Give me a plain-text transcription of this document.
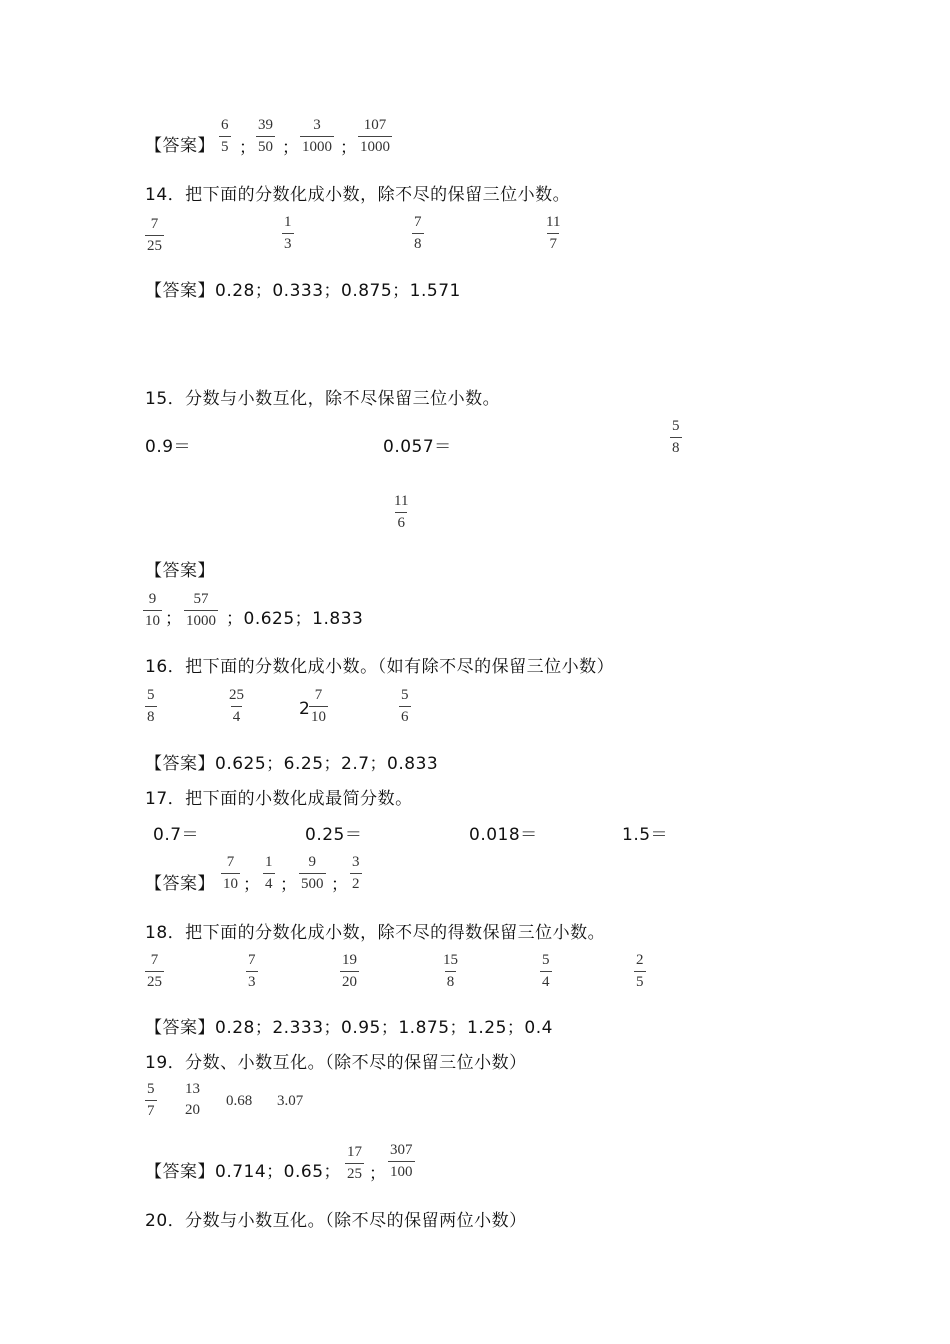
【答案】 $\frac{6}{5}$ ； $\frac{39}{50}$ ； $\frac{3}{1000}$ ； $\frac{107}{1000}$
14．把下面的分数化成小数，除不尽的保留三位小数。
$\frac{7}{25}$	$\frac{1}{3}$	$\frac{7}{8}$	$\frac{11}{7}$
【答案】0.28；0.333；0.875；1.571
15．分数与小数互化，除不尽保留三位小数。
0.9＝	0.057＝	$\frac{5}{8}$
$\frac{11}{6}$
【答案】
$\frac{9}{10}$ ； $\frac{57}{1000}$ ；0.625；1.833
16．把下面的分数化成小数。（如有除不尽的保留三位小数）
$\frac{5}{8}$	$\frac{25}{4}$	2
$\frac{7}{10}$	$\frac{5}{6}$
【答案】0.625；6.25；2.7；0.833
17．把下面的小数化成最简分数。
0.7＝	0.25＝	0.018＝	1.5＝
【答案】 $\frac{7}{10}$ ； $\frac{1}{4}$ ； $\frac{9}{500}$ ； $\frac{3}{2}$
18．把下面的分数化成小数，除不尽的得数保留三位小数。
$\frac{7}{25}$	$\frac{7}{3}$	$\frac{19}{20}$	$\frac{15}{8}$	$\frac{5}{4}$	$\frac{2}{5}$
【答案】0.28；2.333；0.95；1.875；1.25；0.4
19．分数、小数互化。（除不尽的保留三位小数）
$\frac{5}{7} 13$
20
0.68 3.07
【答案】0.714；0.65； $\frac{17}{25}$ ； $\frac{307}{100}$
20．分数与小数互化。（除不尽的保留两位小数）
